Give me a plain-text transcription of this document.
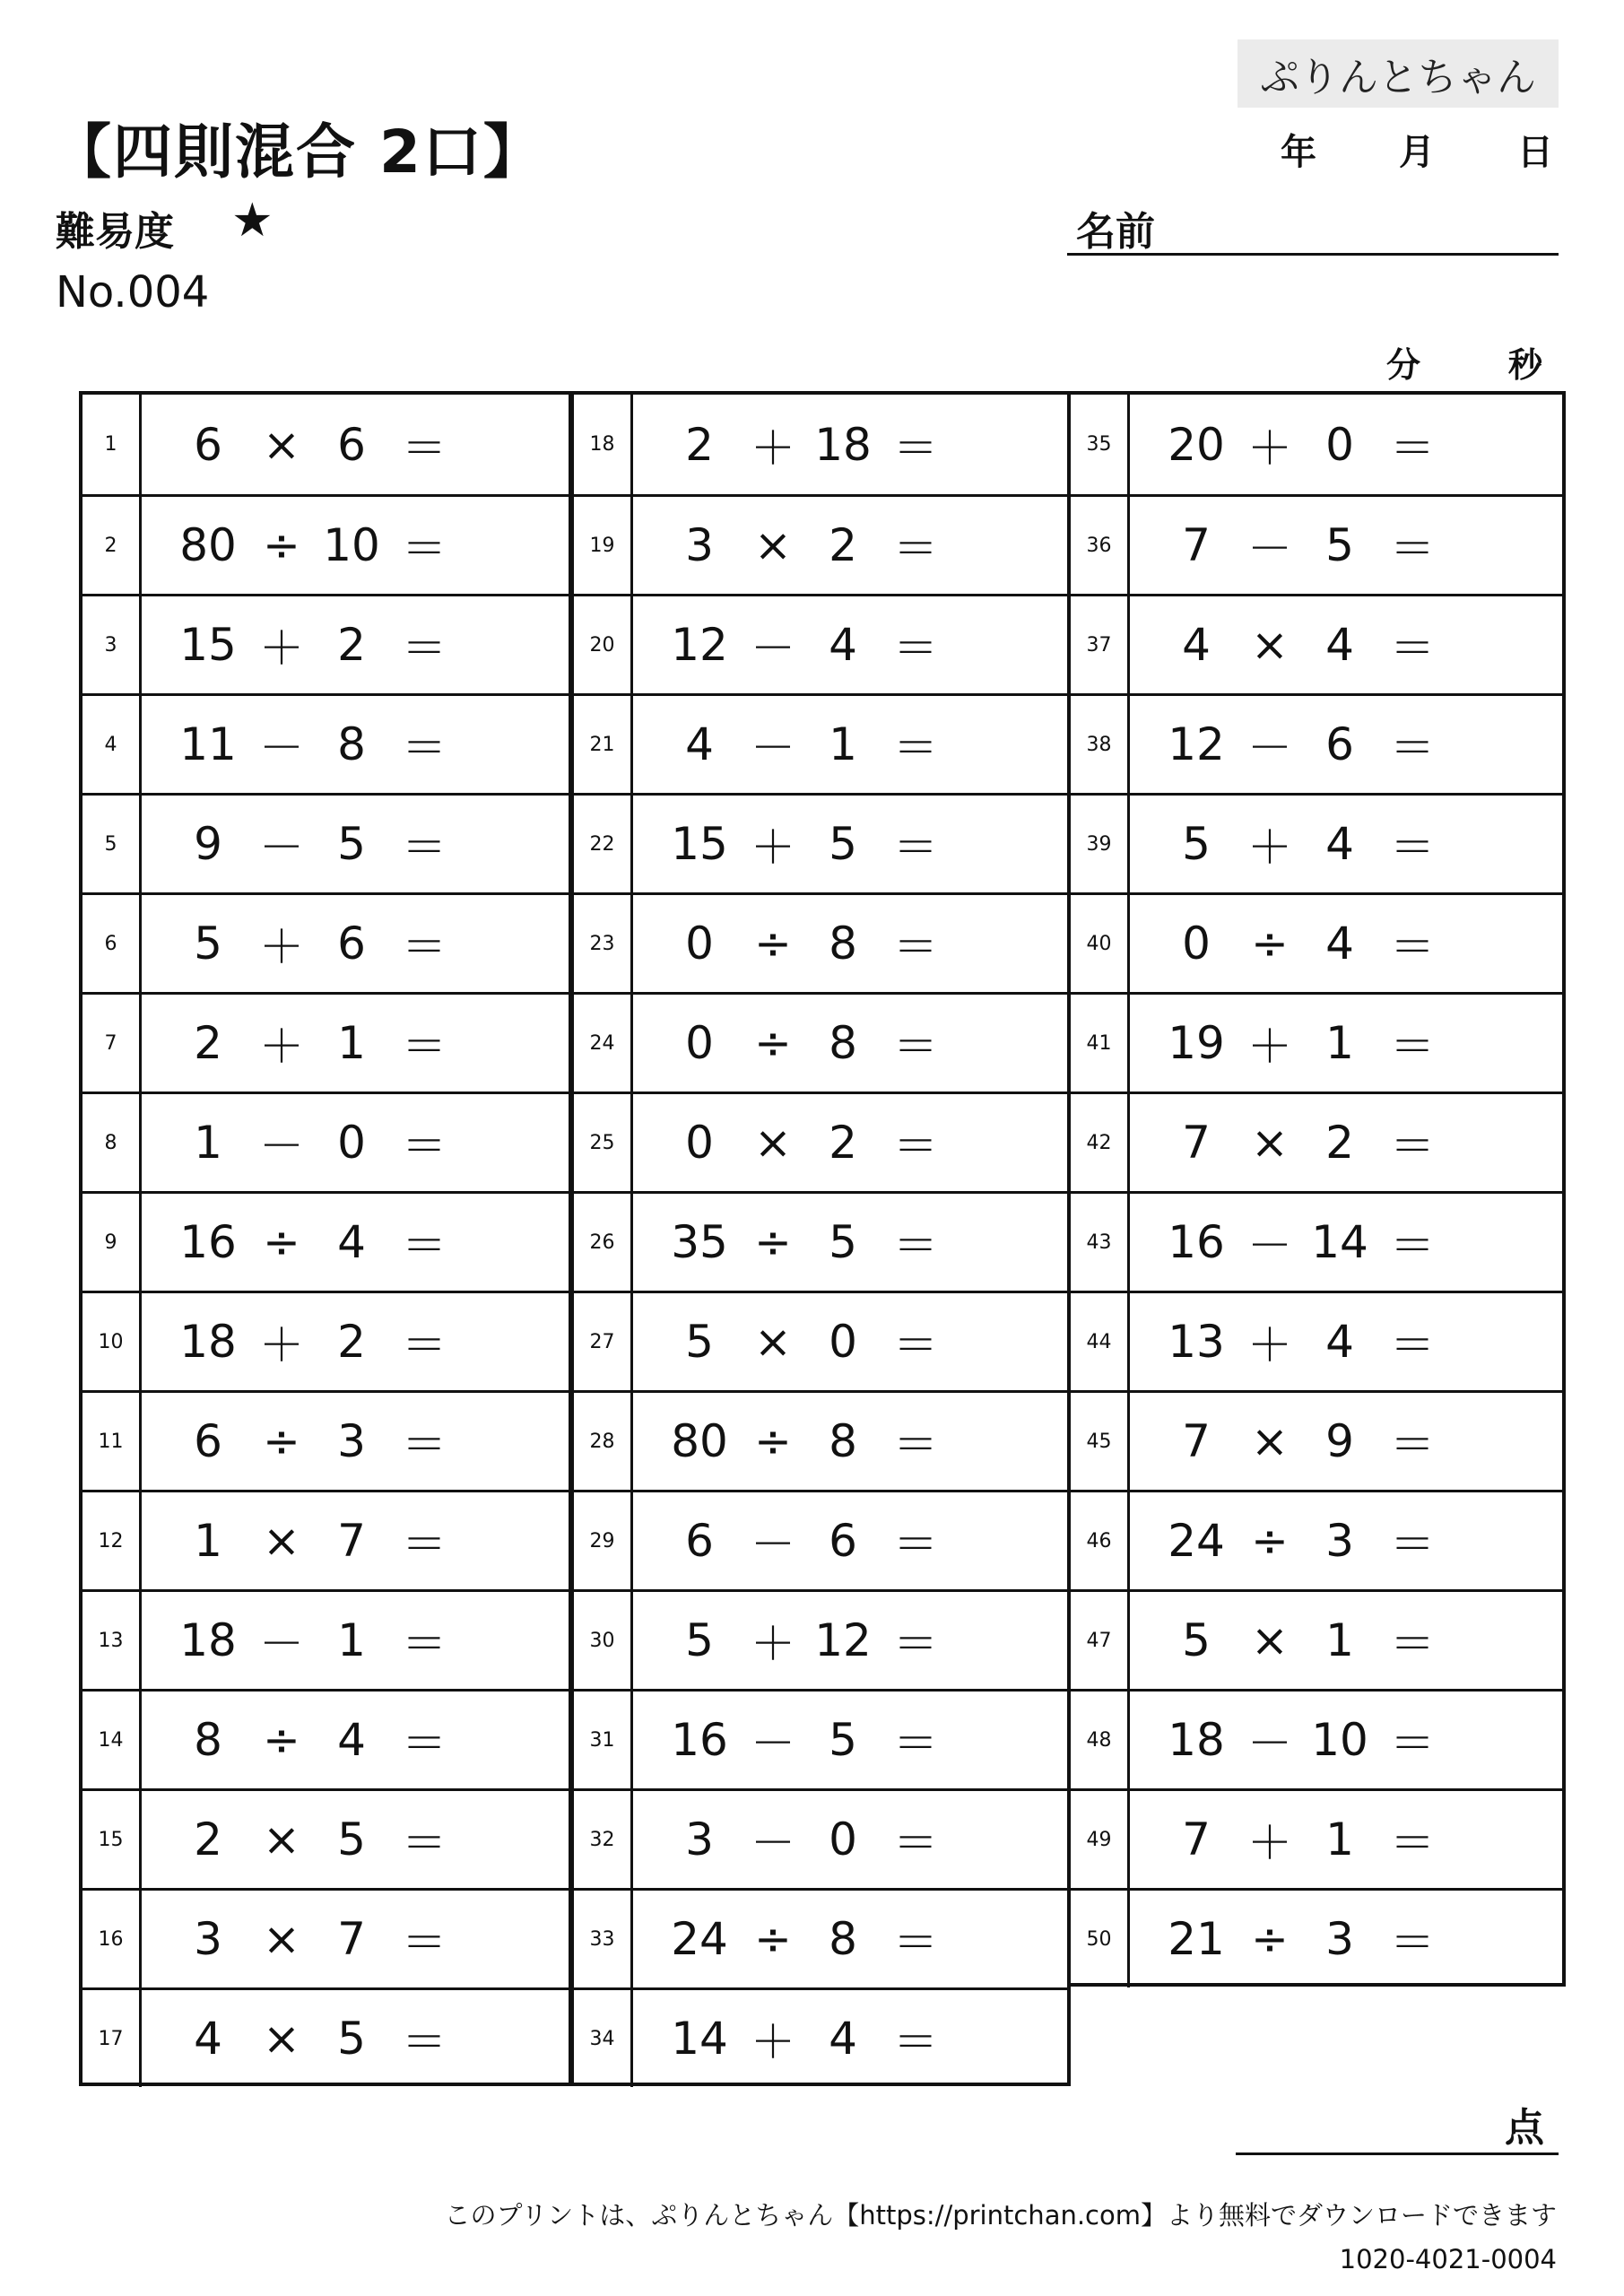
ぷりんとちゃん
【四則混合 2口】	年 月 日
難易度 ★
No.004
名前
分	秒
1	6 × 6 ＝
2	80 ÷ 10 ＝
3	15 ＋ 2 ＝
4	11 － 8 ＝
5	9 － 5 ＝
6	5 ＋ 6 ＝
7	2 ＋ 1 ＝
8	1 － 0 ＝
9	16 ÷ 4 ＝
10	18 ＋ 2 ＝
11	6 ÷ 3 ＝
12	1 × 7 ＝
13	18 － 1 ＝
14	8 ÷ 4 ＝
15	2 × 5 ＝
16	3 × 7 ＝
17	4 × 5 ＝
18	2 ＋ 18 ＝
19	3 × 2 ＝
20	12 － 4 ＝
21	4 － 1 ＝
22	15 ＋ 5 ＝
23	0 ÷ 8 ＝
24	0 ÷ 8 ＝
25	0 × 2 ＝
26	35 ÷ 5 ＝
27	5 × 0 ＝
28	80 ÷ 8 ＝
29	6 － 6 ＝
30	5 ＋ 12 ＝
31	16 － 5 ＝
32	3 － 0 ＝
33	24 ÷ 8 ＝
34	14 ＋ 4 ＝
35	20 ＋ 0 ＝
36	7 － 5 ＝
37	4 × 4 ＝
38	12 － 6 ＝
39	5 ＋ 4 ＝
40	0 ÷ 4 ＝
41	19 ＋ 1 ＝
42	7 × 2 ＝
43	16 － 14 ＝
44	13 ＋ 4 ＝
45	7 × 9 ＝
46	24 ÷ 3 ＝
47	5 × 1 ＝
48	18 － 10 ＝
49	7 ＋ 1 ＝
50	21 ÷ 3 ＝
点
このプリントは、ぷりんとちゃん【https://printchan.com】より無料でダウンロードできます
1020-4021-0004
